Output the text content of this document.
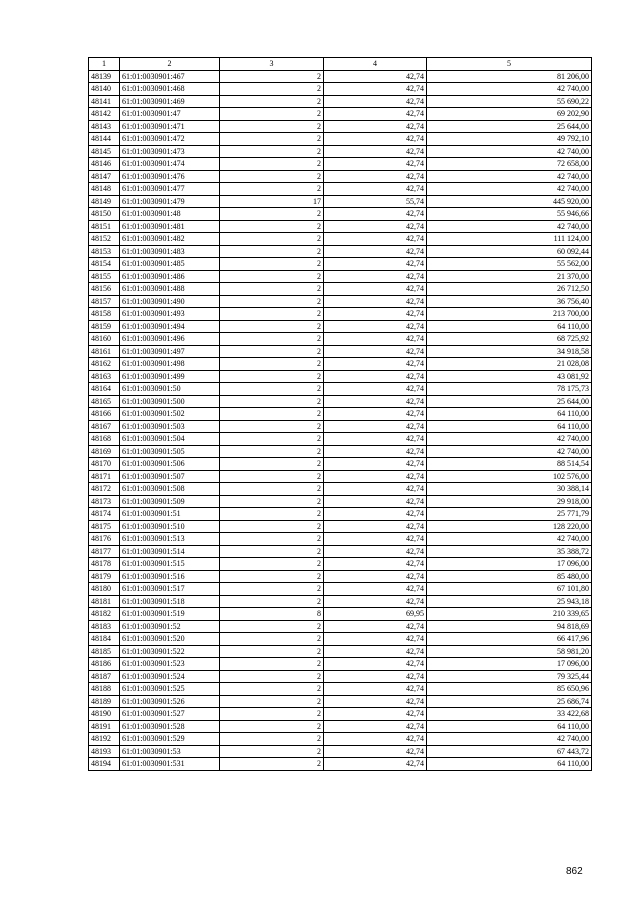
1	2	3	4	5
48139	61:01:0030901:467	2	42,74	81 206,00
48140	61:01:0030901:468	2	42,74	42 740,00
48141	61:01:0030901:469	2	42,74	55 690,22
48142	61:01:0030901:47	2	42,74	69 202,90
48143	61:01:0030901:471	2	42,74	25 644,00
48144	61:01:0030901:472	2	42,74	49 792,10
48145	61:01:0030901:473	2	42,74	42 740,00
48146	61:01:0030901:474	2	42,74	72 658,00
48147	61:01:0030901:476	2	42,74	42 740,00
48148	61:01:0030901:477	2	42,74	42 740,00
48149	61:01:0030901:479	17	55,74	445 920,00
48150	61:01:0030901:48	2	42,74	55 946,66
48151	61:01:0030901:481	2	42,74	42 740,00
48152	61:01:0030901:482	2	42,74	111 124,00
48153	61:01:0030901:483	2	42,74	60 092,44
48154	61:01:0030901:485	2	42,74	55 562,00
48155	61:01:0030901:486	2	42,74	21 370,00
48156	61:01:0030901:488	2	42,74	26 712,50
48157	61:01:0030901:490	2	42,74	36 756,40
48158	61:01:0030901:493	2	42,74	213 700,00
48159	61:01:0030901:494	2	42,74	64 110,00
48160	61:01:0030901:496	2	42,74	68 725,92
48161	61:01:0030901:497	2	42,74	34 918,58
48162	61:01:0030901:498	2	42,74	21 028,08
48163	61:01:0030901:499	2	42,74	43 081,92
48164	61:01:0030901:50	2	42,74	78 175,73
48165	61:01:0030901:500	2	42,74	25 644,00
48166	61:01:0030901:502	2	42,74	64 110,00
48167	61:01:0030901:503	2	42,74	64 110,00
48168	61:01:0030901:504	2	42,74	42 740,00
48169	61:01:0030901:505	2	42,74	42 740,00
48170	61:01:0030901:506	2	42,74	88 514,54
48171	61:01:0030901:507	2	42,74	102 576,00
48172	61:01:0030901:508	2	42,74	30 388,14
48173	61:01:0030901:509	2	42,74	29 918,00
48174	61:01:0030901:51	2	42,74	25 771,79
48175	61:01:0030901:510	2	42,74	128 220,00
48176	61:01:0030901:513	2	42,74	42 740,00
48177	61:01:0030901:514	2	42,74	35 388,72
48178	61:01:0030901:515	2	42,74	17 096,00
48179	61:01:0030901:516	2	42,74	85 480,00
48180	61:01:0030901:517	2	42,74	67 101,80
48181	61:01:0030901:518	2	42,74	25 943,18
48182	61:01:0030901:519	8	69,95	210 339,65
48183	61:01:0030901:52	2	42,74	94 818,69
48184	61:01:0030901:520	2	42,74	66 417,96
48185	61:01:0030901:522	2	42,74	58 981,20
48186	61:01:0030901:523	2	42,74	17 096,00
48187	61:01:0030901:524	2	42,74	79 325,44
48188	61:01:0030901:525	2	42,74	85 650,96
48189	61:01:0030901:526	2	42,74	25 686,74
48190	61:01:0030901:527	2	42,74	33 422,68
48191	61:01:0030901:528	2	42,74	64 110,00
48192	61:01:0030901:529	2	42,74	42 740,00
48193	61:01:0030901:53	2	42,74	67 443,72
48194	61:01:0030901:531	2	42,74	64 110,00
862
